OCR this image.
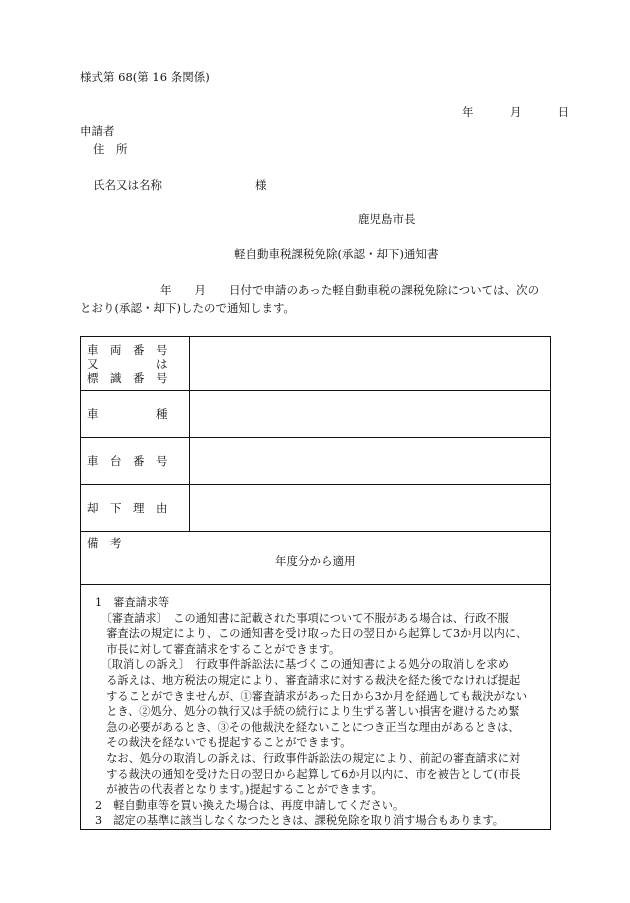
様式第 68(第 16 条関係)
年	月	日
申請者
住　所
氏名又は名称	様
鹿児島市長
軽自動車税課税免除(承認・却下)通知書
年　　月　　日付で申請のあった軽自動車税の課税免除については、次の
とおり(承認・却下)したので通知します。
車　両　番　号
又　　　　　は
標　識　番　号	

車　　　　　種	

車　台　番　号	

却　下　理　由	

備　考
年度分から適用
1　審査請求等
　〔審査請求〕　この通知書に記載された事項について不服がある場合は、行政不服
　審査法の規定により、この通知書を受け取った日の翌日から起算して3か月以内に、
　市長に対して審査請求をすることができます。
　〔取消しの訴え〕　行政事件訴訟法に基づくこの通知書による処分の取消しを求め
　る訴えは、地方税法の規定により、審査請求に対する裁決を経た後でなければ提起
　することができませんが、①審査請求があった日から3か月を経過しても裁決がない
　とき、②処分、処分の執行又は手続の続行により生ずる著しい損害を避けるため緊
　急の必要があるとき、③その他裁決を経ないことにつき正当な理由があるときは、
　その裁決を経ないでも提起することができます。
　なお、処分の取消しの訴えは、行政事件訴訟法の規定により、前記の審査請求に対
　する裁決の通知を受けた日の翌日から起算して6か月以内に、市を被告として(市長
　が被告の代表者となります。)提起することができます。
2　軽自動車等を買い換えた場合は、再度申請してください。
3　認定の基準に該当しなくなつたときは、課税免除を取り消す場合もあります。
